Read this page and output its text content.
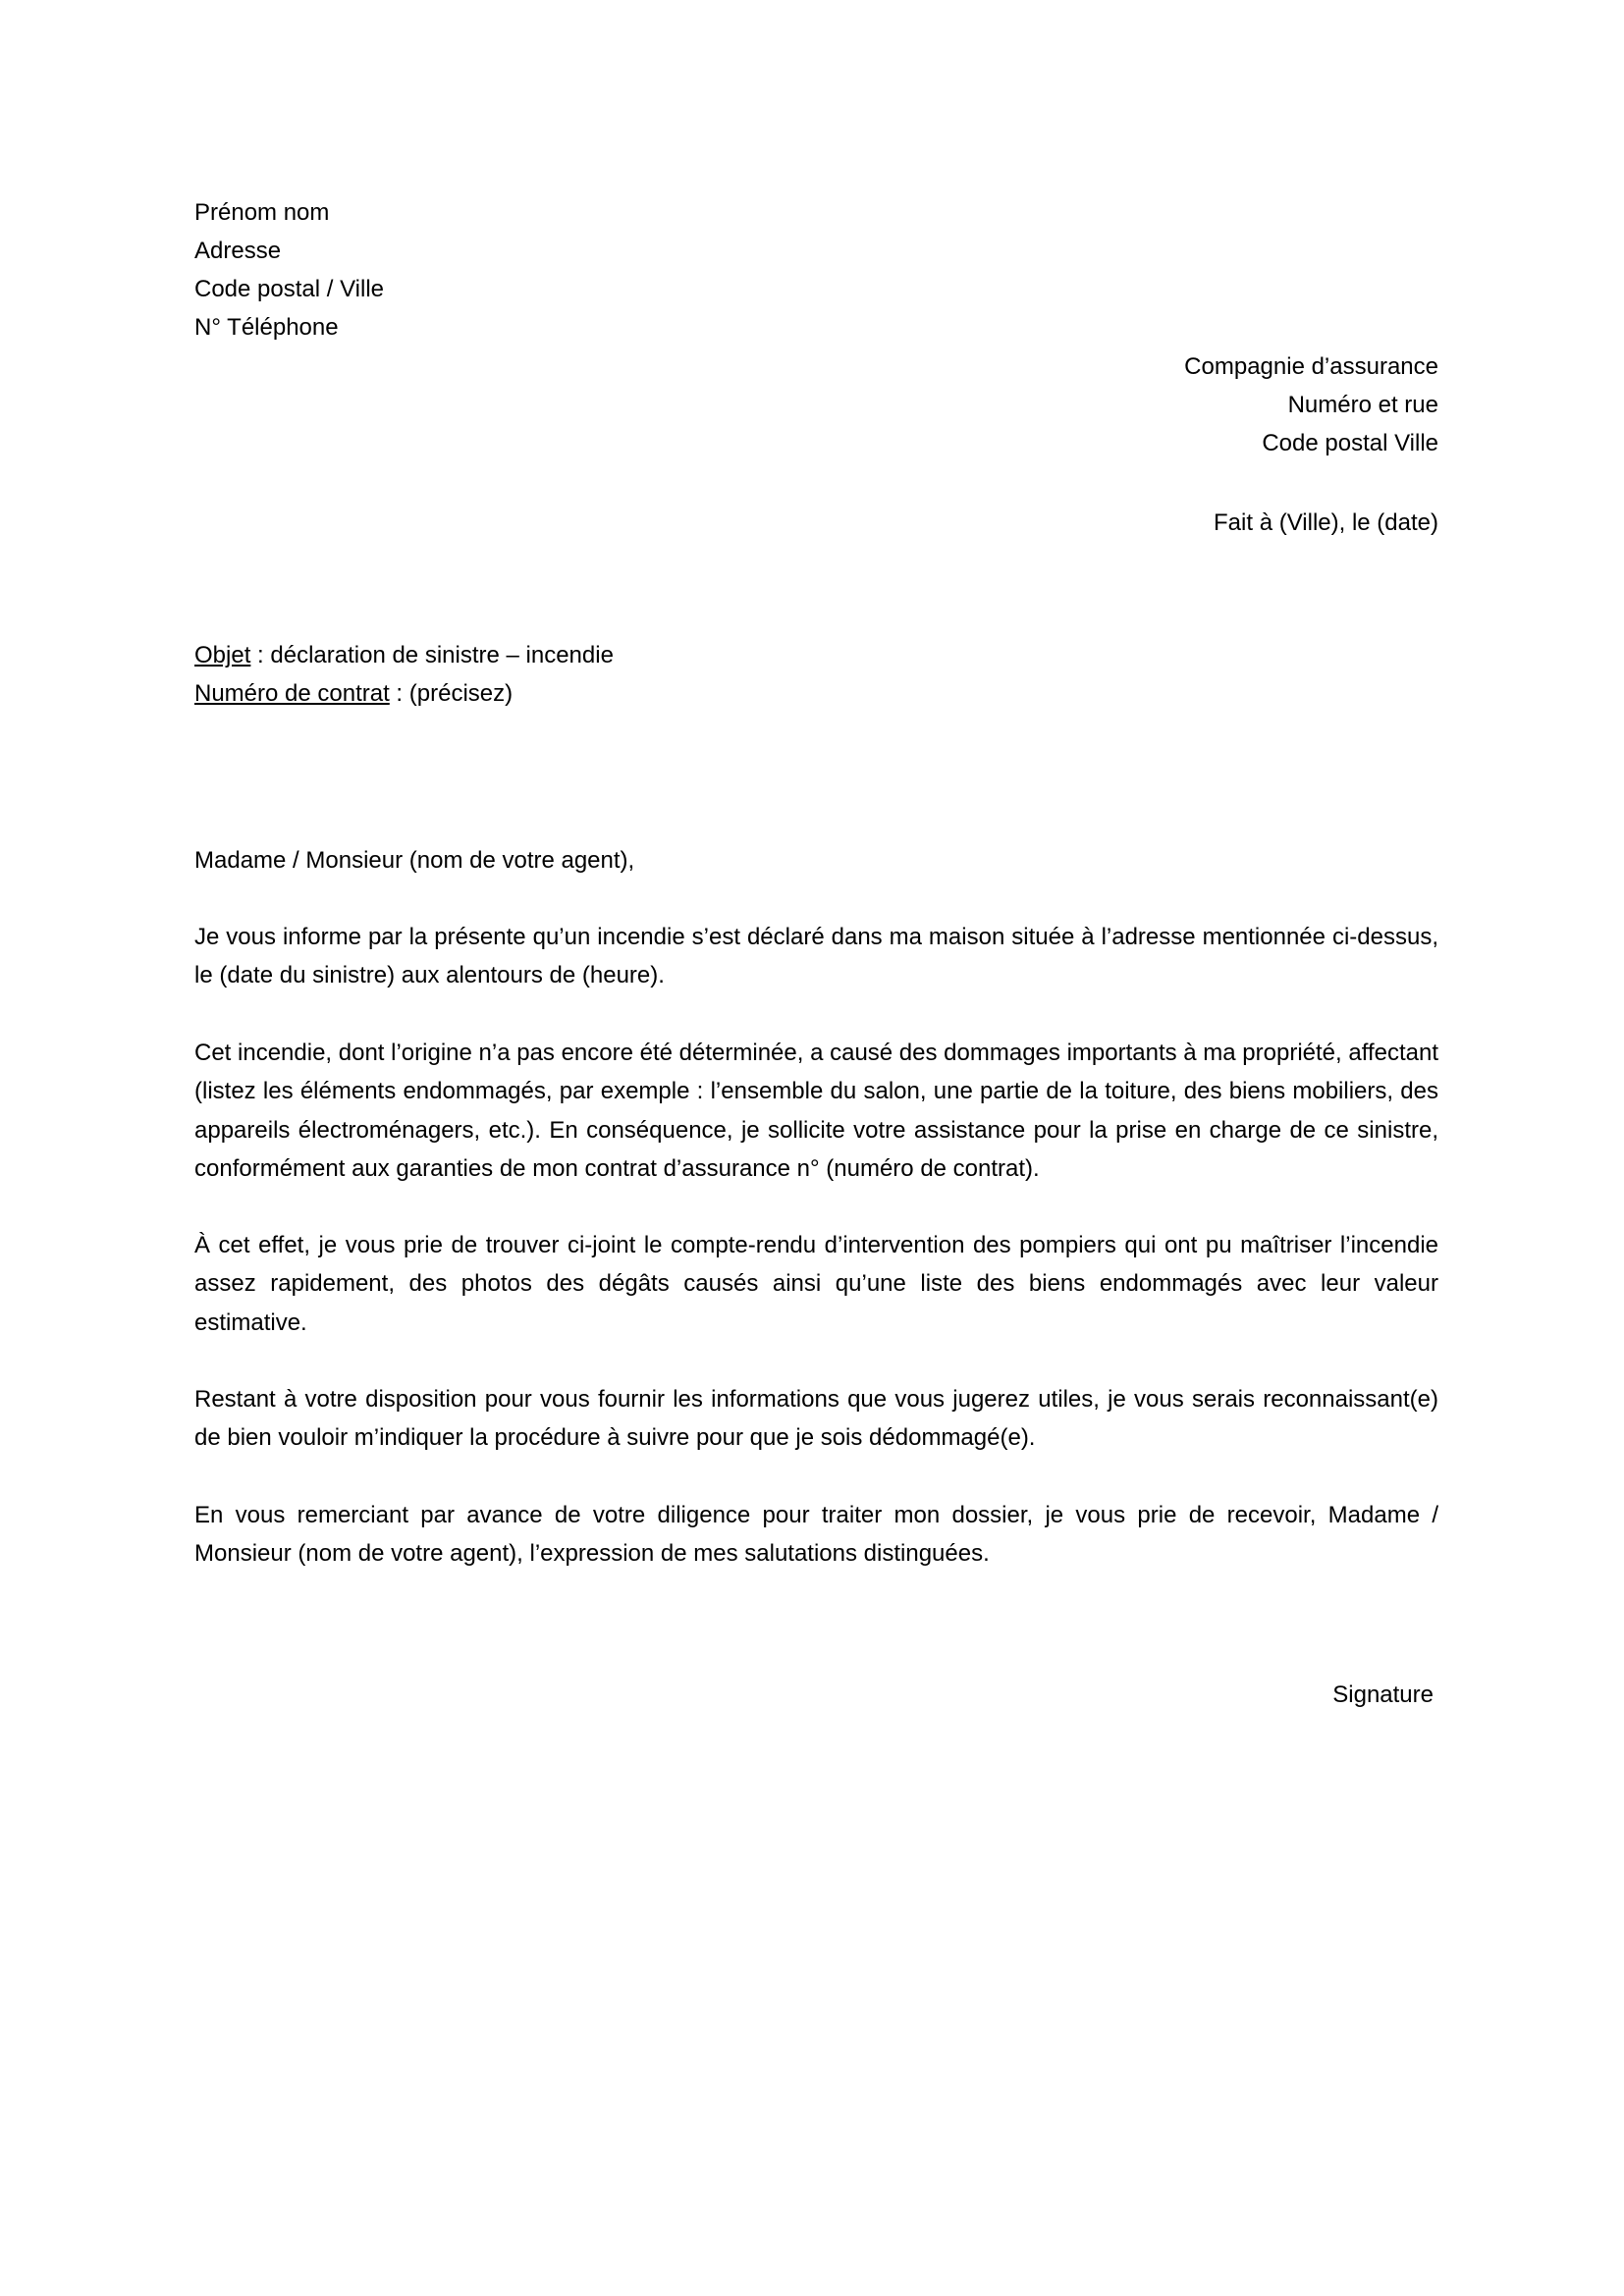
Prénom nom
Adresse
Code postal / Ville
N° Téléphone
Compagnie d’assurance
Numéro et rue
Code postal Ville
Fait à (Ville), le (date)
Objet : déclaration de sinistre – incendie
Numéro de contrat : (précisez)
Madame / Monsieur (nom de votre agent),

Je vous informe par la présente qu’un incendie s’est déclaré dans ma maison située à l’adresse mentionnée ci-dessus, le (date du sinistre) aux alentours de (heure).

Cet incendie, dont l’origine n’a pas encore été déterminée, a causé des dommages importants à ma propriété, affectant (listez les éléments endommagés, par exemple : l’ensemble du salon, une partie de la toiture, des biens mobiliers, des appareils électroménagers, etc.). En conséquence, je sollicite votre assistance pour la prise en charge de ce sinistre, conformément aux garanties de mon contrat d’assurance n° (numéro de contrat).

À cet effet, je vous prie de trouver ci-joint le compte-rendu d’intervention des pompiers qui ont pu maîtriser l’incendie assez rapidement, des photos des dégâts causés ainsi qu’une liste des biens endommagés avec leur valeur estimative.

Restant à votre disposition pour vous fournir les informations que vous jugerez utiles, je vous serais reconnaissant(e) de bien vouloir m’indiquer la procédure à suivre pour que je sois dédommagé(e).

En vous remerciant par avance de votre diligence pour traiter mon dossier, je vous prie de recevoir, Madame / Monsieur (nom de votre agent), l’expression de mes salutations distinguées.

Signature
